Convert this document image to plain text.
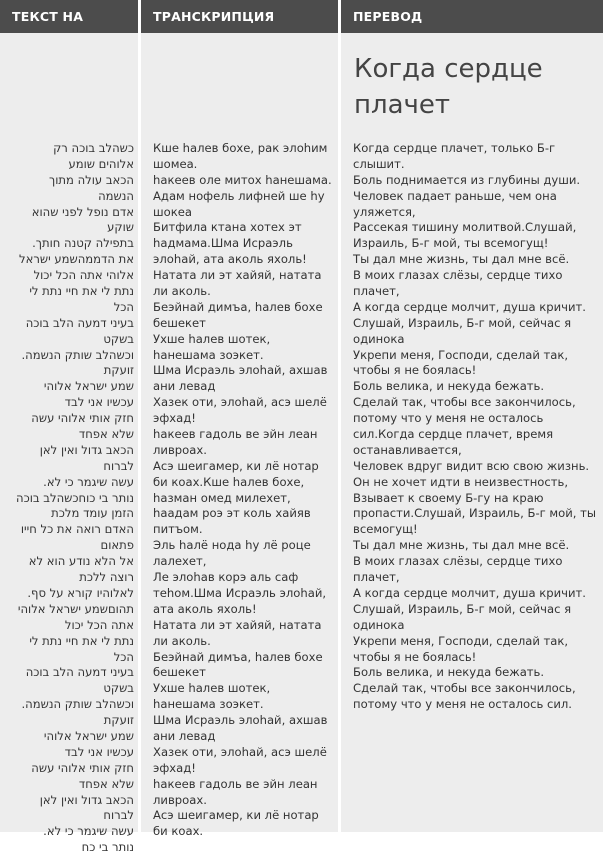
ТЕКСТ НА	ТРАНСКРИПЦИЯ	ПЕРЕВОД
Когда сердце
плачет
כשהלב בוכה רק
אלוהים שומע
הכאב עולה מתוך
הנשמה
אדם נופל לפני שהוא
שוקע
בתפילה קטנה חותך.
את הדממהשמע ישראל
אלוהי אתה הכל יכול
נתת לי את חיי נתת לי
הכל
בעיני דמעה הלב בוכה
בשקט
וכשהלב שותק הנשמה.
זועקת
שמע ישראל אלוהי
עכשיו אני לבד
חזק אותי אלוהי עשה
שלא אפחד
הכאב גדול ואין לאן
לברוח
עשה שיגמר כי לא.
נותר בי כוחכשהלב בוכה
הזמן עומד מלכת
האדם רואה את כל חייו
פתאום
אל הלא נודע הוא לא
רוצה ללכת
לאלוהיו קורא על סף.
תהוםשמע ישראל אלוהי
אתה הכל יכול
נתת לי את חיי נתת לי
הכל
בעיני דמעה הלב בוכה
בשקט
וכשהלב שותק הנשמה.
זועקת
שמע ישראל אלוהי
עכשיו אני לבד
חזק אותי אלוהי עשה
שלא אפחד
הכאב גדול ואין לאן
לברוח
עשה שיגמר כי לא.
נותר בי כח
Кше hалев бохе, рак элоhим
шомеа.
hакеев оле митох hанешама.
Адам нофель лифней ше hу
шокеа
Битфила ктана хотех эт
hадмама.Шма Исраэль
элоhай, ата аколь яхоль!
Натата ли эт хайяй, натата
ли аколь.
Беэйнай димъа, hалев бохе
бешекет
Ухше hалев шотек,
hанешама зоэкет.
Шма Исраэль элоhай, ахшав
ани левад
Хазек оти, элоhай, асэ шелё
эфхад!
hакеев гадоль ве эйн леан
ливроах.
Асэ шеигамер, ки лё нотар
би коах.Кше hалев бохе,
hазман омед милехет,
hаадам роэ эт коль хайяв
питъом.
Эль hалё нода hу лё роце
лалехет,
Ле элоhав корэ аль саф
теhом.Шма Исраэль элоhай,
ата аколь яхоль!
Натата ли эт хайяй, натата
ли аколь.
Беэйнай димъа, hалев бохе
бешекет
Ухше hалев шотек,
hанешама зоэкет.
Шма Исраэль элоhай, ахшав
ани левад
Хазек оти, элоhай, асэ шелё
эфхад!
hакеев гадоль ве эйн леан
ливроах.
Асэ шеигамер, ки лё нотар
би коах.
Когда сердце плачет, только Б-г
слышит.
Боль поднимается из глубины души.
Человек падает раньше, чем она
уляжется,
Рассекая тишину молитвой.Слушай,
Израиль, Б-г мой, ты всемогущ!
Ты дал мне жизнь, ты дал мне всё.
В моих глазах слёзы, сердце тихо
плачет,
А когда сердце молчит, душа кричит.
Слушай, Израиль, Б-г мой, сейчас я
одинока
Укрепи меня, Господи, сделай так,
чтобы я не боялась!
Боль велика, и некуда бежать.
Сделай так, чтобы все закончилось,
потому что у меня не осталось
сил.Когда сердце плачет, время
останавливается,
Человек вдруг видит всю свою жизнь.
Он не хочет идти в неизвестность,
Взывает к своему Б-гу на краю
пропасти.Слушай, Израиль, Б-г мой, ты
всемогущ!
Ты дал мне жизнь, ты дал мне всё.
В моих глазах слёзы, сердце тихо
плачет,
А когда сердце молчит, душа кричит.
Слушай, Израиль, Б-г мой, сейчас я
одинока
Укрепи меня, Господи, сделай так,
чтобы я не боялась!
Боль велика, и некуда бежать.
Сделай так, чтобы все закончилось,
потому что у меня не осталось сил.
